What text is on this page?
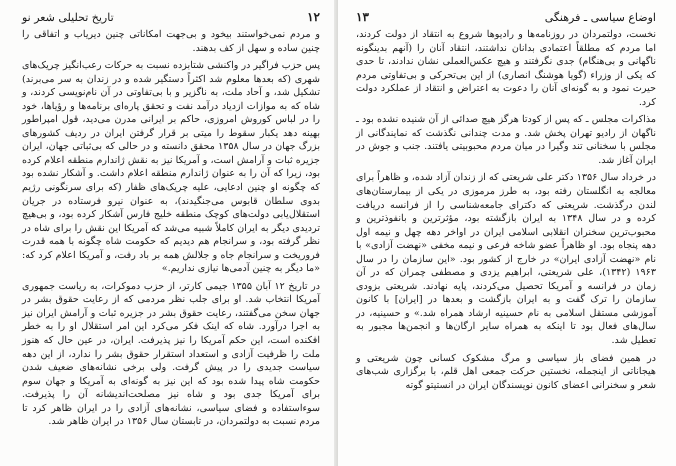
۱۲
تاریخ تحلیلی شعر نو

و مردم نمی‌خواستند بیخود و بی‌جهت امکاناتی چنین دیریاب و اتفاقی را چنین ساده و سهل از کف بدهند.

پس حزب فراگیر در واکنشی شتابزده نسبت به حرکات رعب‌انگیز چریک‌های شهری (که بعدها معلوم شد اکثراً دستگیر شده و در زندان به سر می‌برند) تشکیل شد، و آحاد ملت، به ناگزیر و با بی‌تفاوتی در آن نام‌نویسی کردند، و شاه که به موازات ازدیاد درآمد نفت و تحقق پاره‌ای برنامه‌ها و رؤیاها، خود را در لباس کوروش امروزی، حاکم بر ایرانی مدرن می‌دید، قول امپراطور بهینه دهد یکبار سقوط را میتی بر قرار گرفتن ایران در ردیف کشورهای بزرگ جهان در سال ۱۳۵۸ محقق دانسته و در حالی که بی‌ثباتی جهان، ایران جزیره ثبات و آرامش است، و آمریکا نیز به نقش ژاندارم منطقه اعلام کرده بود، زیرا که آن را به عنوان ژاندارم منطقه اعلام داشت. و آشکار نشده بود که چگونه او چنین ادعایی، علیه چریک‌های ظفار (که برای سرنگونی رژیم بدوی سلطان قابوس می‌جنگیدند)، به عنوان نیرو فرستاده در جریان استقلال‌یابی دولت‌های کوچک منطقه خلیج فارس آشکار کرده بود، و بی‌هیچ تردیدی دیگر به ایران کاملاً شبیه می‌شد که آمریکا این نقش را برای شاه در نظر گرفته بود، و سرانجام هم دیدیم که حکومت شاه چگونه با همه قدرت فروریخت و سرانجام جاه و جلالش همه بر باد رفت، و آمریکا اعلام کرد که: «ما دیگر به چنین آدمی‌ها نیازی نداریم.»

در تاریخ ۱۲ آبان ۱۳۵۵ جیمی کارتر، از حزب دموکرات، به ریاست جمهوری آمریکا انتخاب شد. او برای جلب نظر مردمی که از رعایت حقوق بشر در جهان سخن می‌گفتند، رعایت حقوق بشر در جزیره ثبات و آرامش ایران نیز به اجرا درآورد. شاه که اینک فکر می‌کرد این امر استقلال او را به خطر افکنده است، این حکم آمریکا را نیز پذیرفت. ایران، در عین حال که هنوز ملت را ظرفیت آزادی و استعداد استقرار حقوق بشر را ندارد، از این دهه سیاست جدیدی را در پیش گرفت. ولی برخی نشانه‌های ضعیف شدن حکومت شاه پیدا شده بود که این نیز به گونه‌ای به آمریکا و جهان سوم برای آمریکا جدی بود و شاه نیز مصلحت‌اندیشانه آن را پذیرفت. سوءاستفاده و فضای سیاسی، نشانه‌های آزادی را در ایران ظاهر کرد تا مردم نسبت به دولتمردان، در تابستان سال ۱۳۵۶ در ایران ظاهر شد.

اوضاع سیاسی ـ فرهنگی
۱۳

نخست، دولتمردان در روزنامه‌ها و رادیوها شروع به انتقاد از دولت کردند، اما مردم که مطلقاً اعتمادی بدانان نداشتند، انتقاد آنان را (آنهم بدینگونه ناگهانی و بی‌هنگام) جدی نگرفتند و هیچ عکس‌العملی نشان ندادند، تا حدی که یکی از وزراء (گویا هوشنگ انصاری) از این بی‌تحرکی و بی‌تفاوتی مردم حیرت نمود و به گونه‌ای آنان را دعوت به اعتراض و انتقاد از عملکرد دولت کرد.

مذاکرات مجلس ـ که پس از کودتا هرگز هیچ صدائی از آن شنیده نشده بود ـ ناگهان از رادیو تهران پخش شد. و مدت چندانی نگذشت که نمایندگانی از مجلس با سخنانی تند وگیرا در میان مردم محبوبیتی یافتند. جنب و جوش در ایران آغاز شد.

در خرداد سال ۱۳۵۶ دکتر علی شریعتی که از زندان آزاد شده، و ظاهراً برای معالجه به انگلستان رفته بود، به طرز مرموزی در یکی از بیمارستان‌های لندن درگذشت. شریعتی که دکترای جامعه‌شناسی را از فرانسه دریافت کرده و در سال ۱۳۴۸ به ایران بازگشته بود، مؤثرترین و بانفوذترین و محبوب‌ترین سخنران انقلابی اسلامی ایران در اواخر دهه چهل و نیمه اول دهه پنجاه بود. او ظاهراً عضو شاخه فرعی و نیمه مخفی «نهضت آزادی» با نام «نهضت آزادی ایران» در خارج از کشور بود. «این سازمان را در سال ۱۹۶۳ (۱۳۴۲)، علی شریعتی، ابراهیم یزدی و مصطفی چمران که در آن زمان در فرانسه و آمریکا تحصیل می‌کردند، پایه نهادند. شریعتی بزودی سازمان را ترک گفت و به ایران بازگشت و بعدها در [ایران] با کانون آموزشی مستقل اسلامی به نام حسینیه ارشاد همراه شد.» و حسینیه، در سال‌های فعال بود تا اینکه به همراه سایر ارگان‌ها و انجمن‌ها مجبور به تعطیل شد.

در همین فضای باز سیاسی و مرگ مشکوک کسانی چون شریعتی و هیجاناتی از اینجمله، نخستین حرکت جمعی اهل قلم، با برگزاری شب‌های شعر و سخنرانی اعضای کانون نویسندگان ایران در انستیتو گوته
